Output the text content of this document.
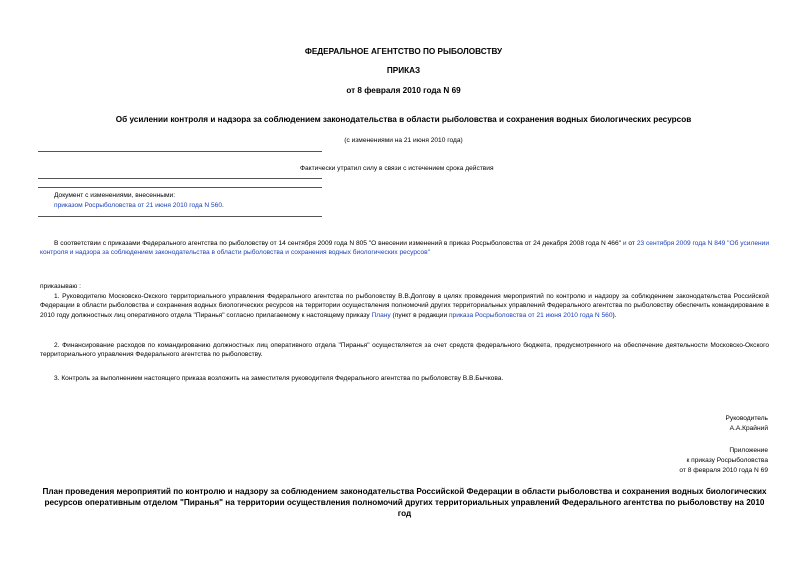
ФЕДЕРАЛЬНОЕ АГЕНТСТВО ПО РЫБОЛОВСТВУ
ПРИКАЗ
от 8 февраля 2010 года N 69
Об усилении контроля и надзора за соблюдением законодательства в области рыболовства и сохранения водных биологических ресурсов
(с изменениями на 21 июня 2010 года)
Фактически утратил силу в связи с истечением срока действия
Документ с изменениями, внесенными:
приказом Росрыболовства от 21 июня 2010 года N 560.
В соответствии с приказами Федерального агентства по рыболовству от 14 сентября 2009 года N 805 "О внесении изменений в приказ Росрыболовства от 24 декабря 2008 года N 466" и от 23 сентября 2009 года N 849 "Об усилении контроля и надзора за соблюдением законодательства в области рыболовства и сохранения водных биологических ресурсов"
приказываю :
1. Руководителю Московско-Окского территориального управления Федерального агентства по рыболовству В.В.Долгову в целях проведения мероприятий по контролю и надзору за соблюдением законодательства Российской Федерации в области рыболовства и сохранения водных биологических ресурсов на территории осуществления полномочий других территориальных управлений Федерального агентства по рыболовству обеспечить командирование в 2010 году должностных лиц оперативного отдела "Пиранья" согласно прилагаемому к настоящему приказу Плану (пункт в редакции приказа Росрыболовства от 21 июня 2010 года N 560).
2. Финансирование расходов по командированию должностных лиц оперативного отдела "Пиранья" осуществляется за счет средств федерального бюджета, предусмотренного на обеспечение деятельности Московско-Окского территориального управления Федерального агентства по рыболовству.
3. Контроль за выполнением настоящего приказа возложить на заместителя руководителя Федерального агентства по рыболовству В.В.Бычкова.
Руководитель
А.А.Крайний
Приложение
к приказу Росрыболовства
от 8 февраля 2010 года N 69
План проведения мероприятий по контролю и надзору за соблюдением законодательства Российской Федерации в области рыболовства и сохранения водных биологических ресурсов оперативным отделом "Пиранья" на территории осуществления полномочий других территориальных управлений Федерального агентства по рыболовству на 2010 год
